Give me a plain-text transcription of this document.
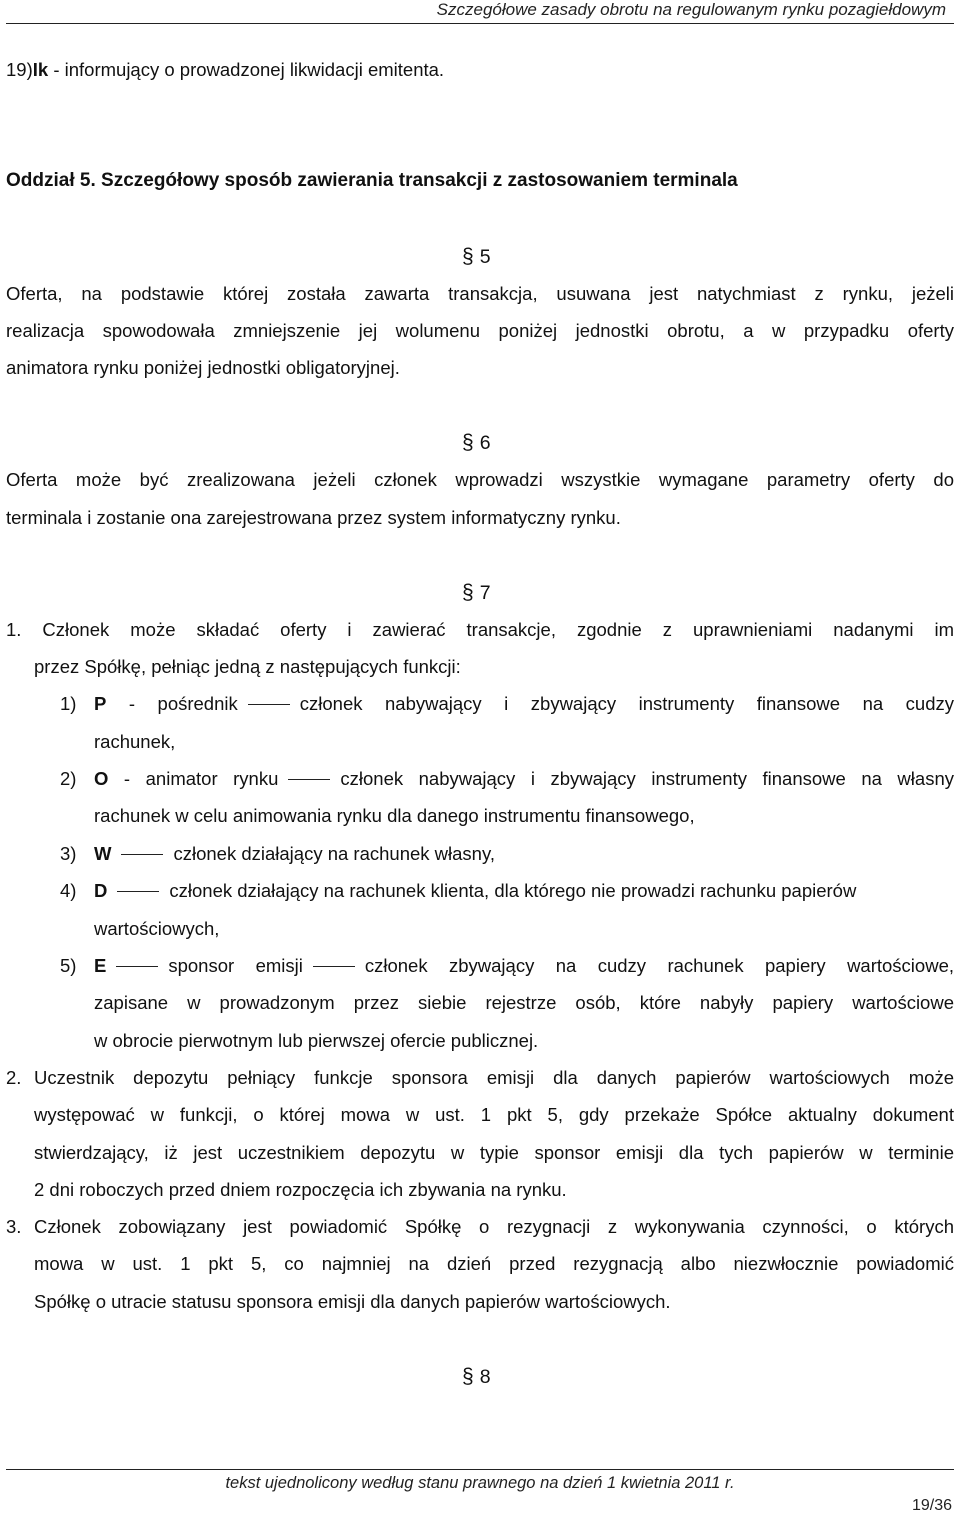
Szczegółowe zasady obrotu na regulowanym rynku pozagiełdowym
19)Ik - informujący o prowadzonej likwidacji emitenta.
Oddział 5. Szczegółowy sposób zawierania transakcji z zastosowaniem terminala
§ 5
Oferta, na podstawie której została zawarta transakcja, usuwana jest natychmiast z rynku, jeżeli
realizacja spowodowała zmniejszenie jej wolumenu poniżej jednostki obrotu, a w przypadku oferty
animatora rynku poniżej jednostki obligatoryjnej.
§ 6
Oferta może być zrealizowana jeżeli członek wprowadzi wszystkie wymagane parametry oferty do
terminala i zostanie ona zarejestrowana przez system informatyczny rynku.
§ 7
1. Członek może składać oferty i zawierać transakcje, zgodnie z uprawnieniami nadanymi im
przez Spółkę, pełniąc jedną z następujących funkcji:
1) P - pośrednik	członek nabywający i zbywający instrumenty finansowe na cudzy
rachunek,
2) O - animator rynku	członek nabywający i zbywający instrumenty finansowe na własny
rachunek w celu animowania rynku dla danego instrumentu finansowego,
3) W	członek działający na rachunek własny,
4) D	członek działający na rachunek klienta, dla którego nie prowadzi rachunku papierów
wartościowych,
5) E	sponsor emisji	członek zbywający na cudzy rachunek papiery wartościowe,
zapisane w prowadzonym przez siebie rejestrze osób, które nabyły papiery wartościowe
w obrocie pierwotnym lub pierwszej ofercie publicznej.
2. Uczestnik depozytu pełniący funkcje sponsora emisji dla danych papierów wartościowych może
występować w funkcji, o której mowa w ust. 1 pkt 5, gdy przekaże Spółce aktualny dokument
stwierdzający, iż jest uczestnikiem depozytu w typie sponsor emisji dla tych papierów w terminie
2 dni roboczych przed dniem rozpoczęcia ich zbywania na rynku.
3. Członek zobowiązany jest powiadomić Spółkę o rezygnacji z wykonywania czynności, o których
mowa w ust. 1 pkt 5, co najmniej na dzień przed rezygnacją albo niezwłocznie powiadomić
Spółkę o utracie statusu sponsora emisji dla danych papierów wartościowych.
§ 8
tekst ujednolicony według stanu prawnego na dzień 1 kwietnia 2011 r.
19/36
